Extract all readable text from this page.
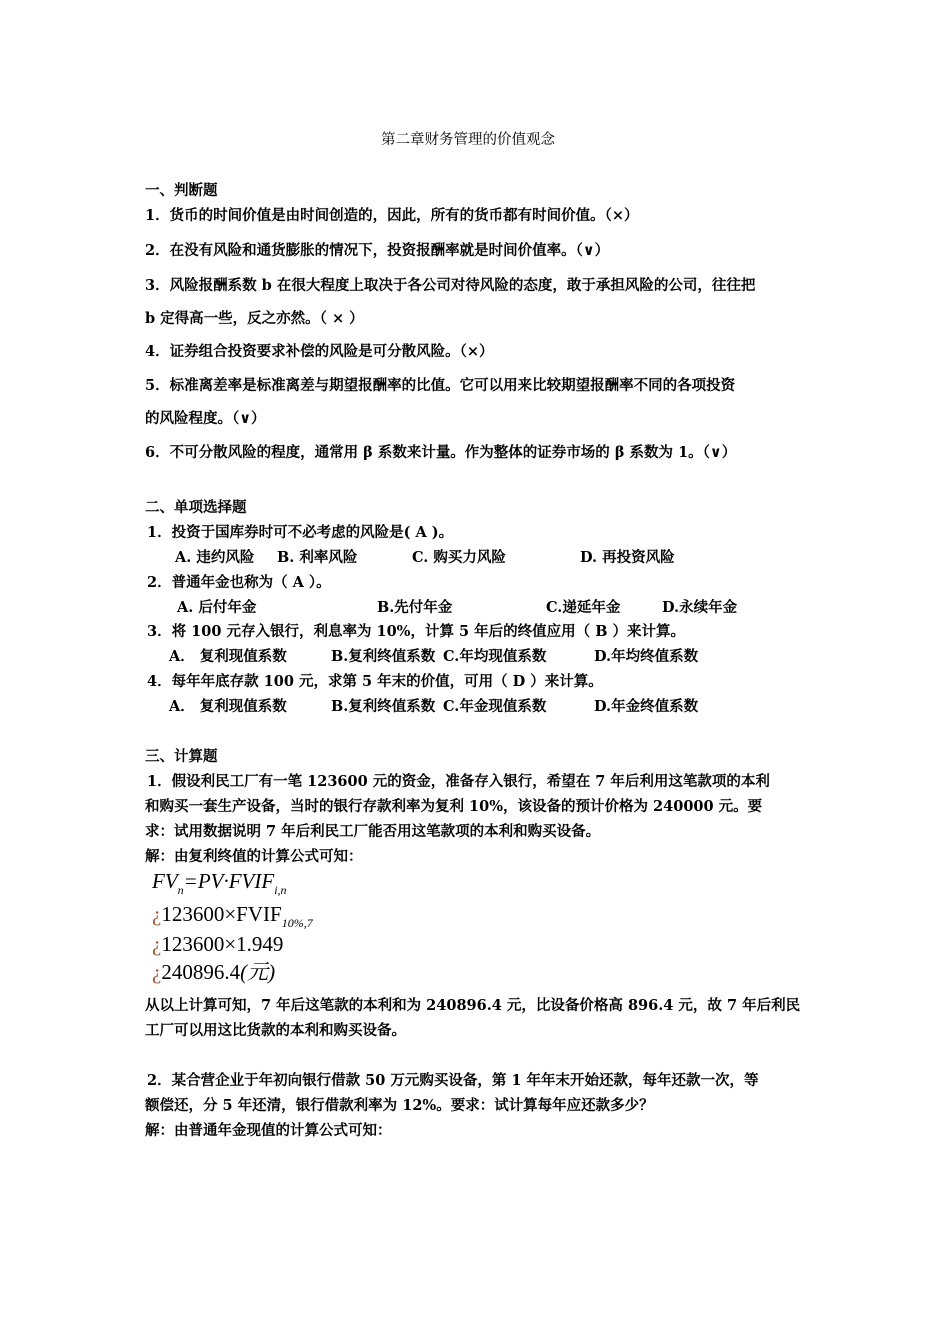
第二章财务管理的价值观念
一、判断题
1．货币的时间价值是由时间创造的，因此，所有的货币都有时间价值。（×）
2．在没有风险和通货膨胀的情况下，投资报酬率就是时间价值率。（∨）
3．风险报酬系数 b 在很大程度上取决于各公司对待风险的态度，敢于承担风险的公司，往往把
b 定得高一些，反之亦然。（ × ）
4．证券组合投资要求补偿的风险是可分散风险。（×）
5．标准离差率是标准离差与期望报酬率的比值。它可以用来比较期望报酬率不同的各项投资
的风险程度。（∨）
6．不可分散风险的程度，通常用 β 系数来计量。作为整体的证券市场的 β 系数为 1。（∨）
二、单项选择题
1．投资于国库券时可不必考虑的风险是( A )。
A. 违约风险 B. 利率风险	C. 购买力风险	D. 再投资风险
2．普通年金也称为（ A ）。
A. 后付年金	B.先付年金	C.递延年金	D.永续年金
3．将 100 元存入银行，利息率为 10%，计算 5 年后的终值应用（ B ）来计算。
A． 复利现值系数	B.复利终值系数 C.年均现值系数	D.年均终值系数
4．每年年底存款 100 元，求第 5 年末的价值，可用（ D ）来计算。
A． 复利现值系数	B.复利终值系数 C.年金现值系数	D.年金终值系数
三、计算题
1．假设利民工厂有一笔 123600 元的资金，准备存入银行，希望在 7 年后利用这笔款项的本利
和购买一套生产设备，当时的银行存款利率为复利 10%，该设备的预计价格为 240000 元。要
求：试用数据说明 7 年后利民工厂能否用这笔款项的本利和购买设备。
解：由复利终值的计算公式可知：
$FV_n=PV\cdot FVIF_{i,n}$
¿$123600\times FVIF_{10\%,7}$
¿123600×1.949
¿240896.4(元)
从以上计算可知，7 年后这笔款的本利和为 240896.4 元，比设备价格高 896.4 元，故 7 年后利民
工厂可以用这比货款的本利和购买设备。
2．某合营企业于年初向银行借款 50 万元购买设备，第 1 年年末开始还款，每年还款一次，等
额偿还，分 5 年还清，银行借款利率为 12%。要求：试计算每年应还款多少？
解：由普通年金现值的计算公式可知：
